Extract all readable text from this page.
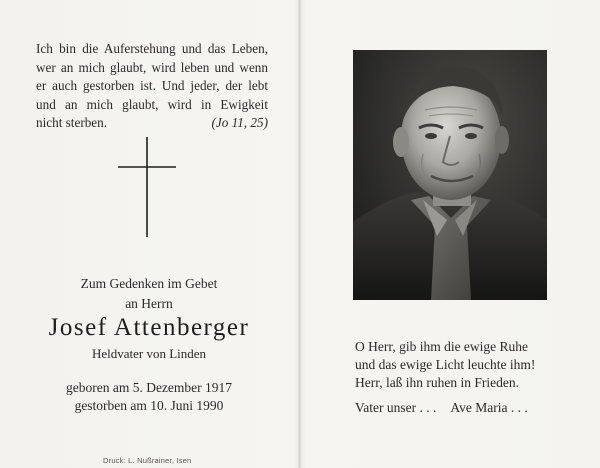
Ich bin die Auferstehung und das Leben,
wer an mich glaubt, wird leben und wenn
er auch gestorben ist. Und jeder, der lebt
und an mich glaubt, wird in Ewigkeit
nicht sterben.	(Jo 11, 25)
Zum Gedenken im Gebet
an Herrn
Josef Attenberger
Heldvater von Linden
geboren am 5. Dezember 1917
gestorben am 10. Juni 1990
Druck: L. Nußrainer, Isen
O Herr, gib ihm die ewige Ruhe
und das ewige Licht leuchte ihm!
Herr, laß ihn ruhen in Frieden.
Vater unser . . . Ave Maria . . .
